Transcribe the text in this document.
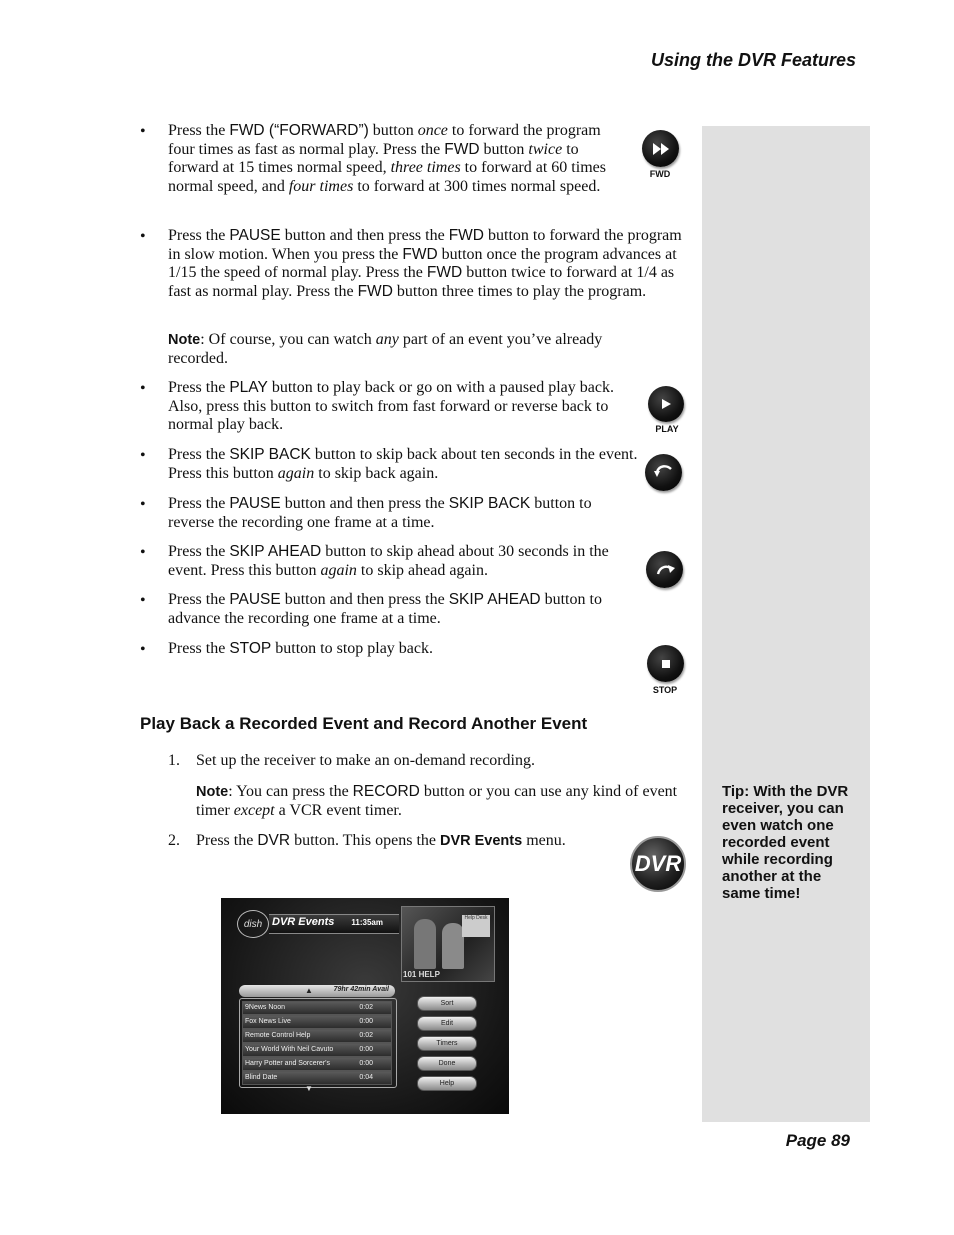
Using the DVR Features
Tip: With the DVR receiver, you can even watch one recorded event while recording another at the same time!
• Press the FWD (“FORWARD”) button once to forward the program four times as fast as normal play. Press the FWD button twice to forward at 15 times normal speed, three times to forward at 60 times normal speed, and four times to forward at 300 times normal speed.
• Press the PAUSE button and then press the FWD button to forward the program in slow motion. When you press the FWD button once the program advances at 1/15 the speed of normal play. Press the FWD button twice to forward at 1/4 as fast as normal play. Press the FWD button three times to play the program.
Note: Of course, you can watch any part of an event you’ve already recorded.
• Press the PLAY button to play back or go on with a paused play back. Also, press this button to switch from fast forward or reverse back to normal play back.
• Press the SKIP BACK button to skip back about ten seconds in the event. Press this button again to skip back again.
• Press the PAUSE button and then press the SKIP BACK button to reverse the recording one frame at a time.
• Press the SKIP AHEAD button to skip ahead about 30 seconds in the event. Press this button again to skip ahead again.
• Press the PAUSE button and then press the SKIP AHEAD button to advance the recording one frame at a time.
• Press the STOP button to stop play back.
FWD
PLAY
STOP
Play Back a Recorded Event and Record Another Event
1. Set up the receiver to make an on-demand recording.
Note: You can press the RECORD button or you can use any kind of event timer except a VCR event timer.
2. Press the DVR button. This opens the DVR Events menu.
DVR
dish DVR Events 11:35am	Help Desk
101 HELP
▲	79hr 42min Avail
9News Noon	0:02
Fox News Live	0:00
Remote Control Help	0:02
Your World With Neil Cavuto	0:00
Harry Potter and Sorcerer's	0:00
Blind Date	0:04
▼
Sort
Edit
Timers
Done
Help
Page 89
